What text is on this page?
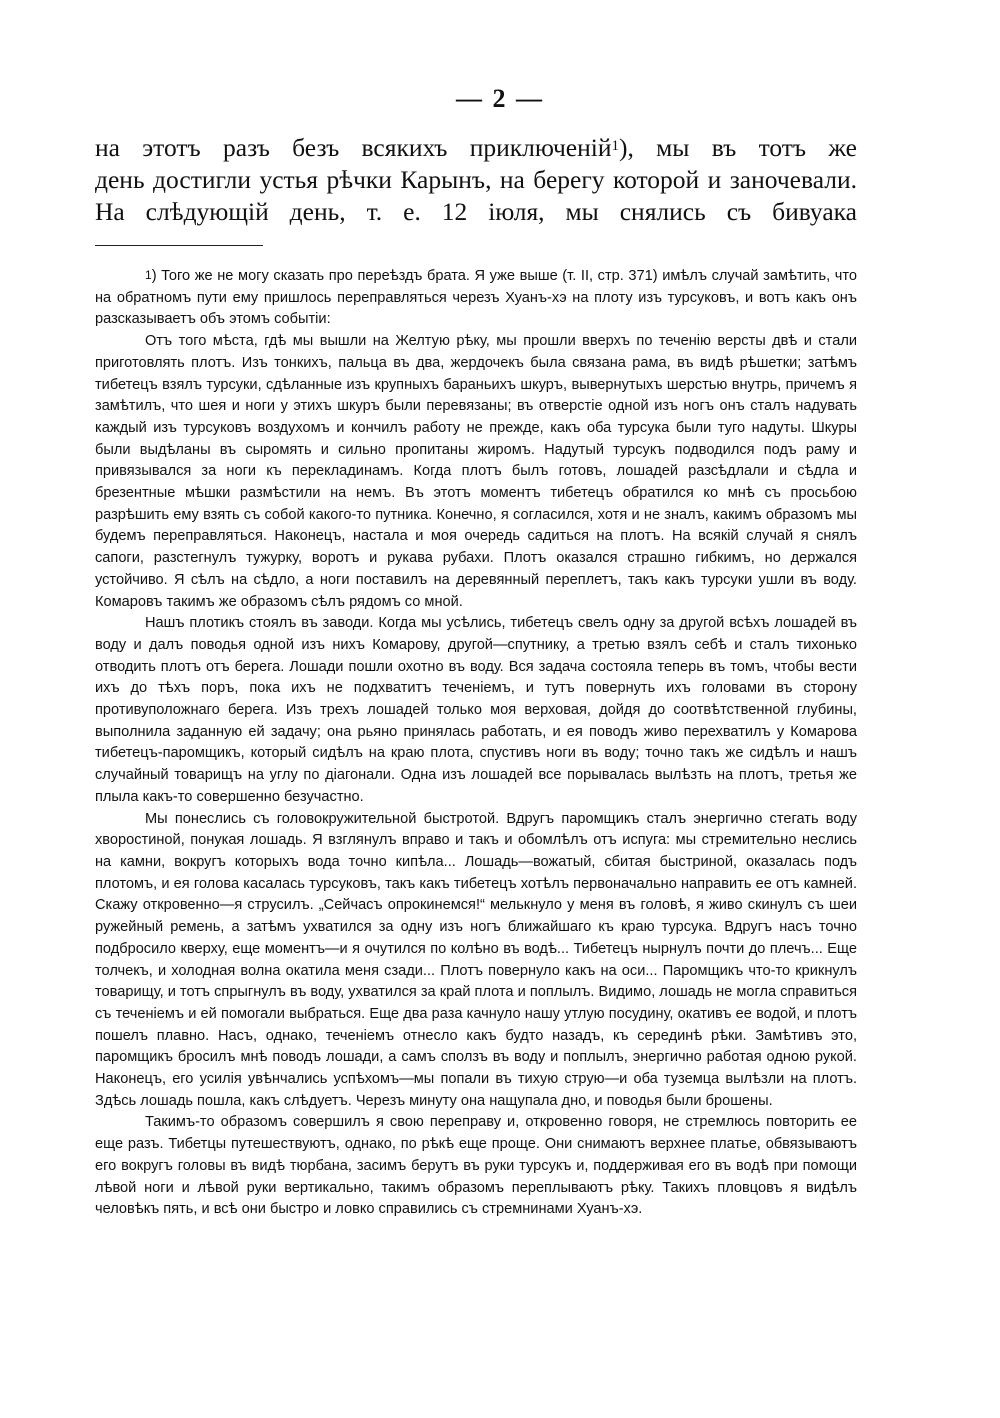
— 2 —
на этотъ разъ безъ всякихъ приключенiй$^1$), мы въ тотъ же
день достигли устья рѣчки Карынъ, на берегу которой и заночевали.
На слѣдующiй день, т. е. 12 iюля, мы снялись съ бивуака

$^1$) Того же не могу сказать про переѣздъ брата. Я уже выше (т. II, стр. 371) имѣлъ случай замѣтить, что на обратномъ пути ему пришлось переправляться черезъ Хуанъ-хэ на плоту изъ турсуковъ, и вотъ какъ онъ разсказываетъ объ этомъ событiи:

Отъ того мѣста, гдѣ мы вышли на Желтую рѣку, мы прошли вверхъ по теченiю версты двѣ и стали приготовлять плотъ. Изъ тонкихъ, пальца въ два, жердочекъ была связана рама, въ видѣ рѣшетки; затѣмъ тибетецъ взялъ турсуки, сдѣланные изъ крупныхъ бараньихъ шкуръ, вывернутыхъ шерстью внутрь, причемъ я замѣтилъ, что шея и ноги у этихъ шкуръ были перевязаны; въ отверстiе одной изъ ногъ онъ сталъ надувать каждый изъ турсуковъ воздухомъ и кончилъ работу не прежде, какъ оба турсука были туго надуты. Шкуры были выдѣланы въ сыромять и сильно пропитаны жиромъ. Надутый турсукъ подводился подъ раму и привязывался за ноги къ перекладинамъ. Когда плотъ былъ готовъ, лошадей разсѣдлали и сѣдла и брезентные мѣшки размѣстили на немъ. Въ этотъ моментъ тибетецъ обратился ко мнѣ съ просьбою разрѣшить ему взять съ собой какого-то путника. Конечно, я согласился, хотя и не зналъ, какимъ образомъ мы будемъ переправляться. Наконецъ, настала и моя очередь садиться на плотъ. На всякiй случай я снялъ сапоги, разстегнулъ тужурку, воротъ и рукава рубахи. Плотъ оказался страшно гибкимъ, но держался устойчиво. Я сѣлъ на сѣдло, а ноги поставилъ на деревянный переплетъ, такъ какъ турсуки ушли въ воду. Комаровъ такимъ же образомъ сѣлъ рядомъ со мной.

Нашъ плотикъ стоялъ въ заводи. Когда мы усѣлись, тибетецъ свелъ одну за другой всѣхъ лошадей въ воду и далъ поводья одной изъ нихъ Комарову, другой—спутнику, а третью взялъ себѣ и сталъ тихонько отводить плотъ отъ берега. Лошади пошли охотно въ воду. Вся задача состояла теперь въ томъ, чтобы вести ихъ до тѣхъ поръ, пока ихъ не подхватитъ теченiемъ, и тутъ повернуть ихъ головами въ сторону противуположнаго берега. Изъ трехъ лошадей только моя верховая, дойдя до соотвѣтственной глубины, выполнила заданную ей задачу; она рьяно принялась работать, и ея поводъ живо перехватилъ у Комарова тибетецъ-паромщикъ, который сидѣлъ на краю плота, спустивъ ноги въ воду; точно такъ же сидѣлъ и нашъ случайный товарищъ на углу по дiагонали. Одна изъ лошадей все порывалась вылѣзть на плотъ, третья же плыла какъ-то совершенно безучастно.

Мы понеслись съ головокружительной быстротой. Вдругъ паромщикъ сталъ энергично стегать воду хворостиной, понукая лошадь. Я взглянулъ вправо и такъ и обомлѣлъ отъ испуга: мы стремительно неслись на камни, вокругъ которыхъ вода точно кипѣла... Лошадь—вожатый, сбитая быстриной, оказалась подъ плотомъ, и ея голова касалась турсуковъ, такъ какъ тибетецъ хотѣлъ первоначально направить ее отъ камней. Скажу откровенно—я струсилъ. „Сейчасъ опрокинемся!“ мелькнуло у меня въ головѣ, я живо скинулъ съ шеи ружейный ремень, а затѣмъ ухватился за одну изъ ногъ ближайшаго къ краю турсука. Вдругъ насъ точно подбросило кверху, еще моментъ—и я очутился по колѣно въ водѣ... Тибетецъ нырнулъ почти до плечъ... Еще толчекъ, и холодная волна окатила меня сзади... Плотъ повернуло какъ на оси... Паромщикъ что-то крикнулъ товарищу, и тотъ спрыгнулъ въ воду, ухватился за край плота и поплылъ. Видимо, лошадь не могла справиться съ теченiемъ и ей помогали выбраться. Еще два раза качнуло нашу утлую посудину, окативъ ее водой, и плотъ пошелъ плавно. Насъ, однако, теченiемъ отнесло какъ будто назадъ, къ серединѣ рѣки. Замѣтивъ это, паромщикъ бросилъ мнѣ поводъ лошади, а самъ сползъ въ воду и поплылъ, энергично работая одною рукой. Наконецъ, его усилiя увѣнчались успѣхомъ—мы попали въ тихую струю—и оба туземца вылѣзли на плотъ. Здѣсь лошадь пошла, какъ слѣдуетъ. Черезъ минуту она нащупала дно, и поводья были брошены.

Такимъ-то образомъ совершилъ я свою переправу и, откровенно говоря, не стремлюсь повторить ее еще разъ. Тибетцы путешествуютъ, однако, по рѣкѣ еще проще. Они снимаютъ верхнее платье, обвязываютъ его вокругъ головы въ видѣ тюрбана, засимъ берутъ въ руки турсукъ и, поддерживая его въ водѣ при помощи лѣвой ноги и лѣвой руки вертикально, такимъ образомъ переплываютъ рѣку. Такихъ пловцовъ я видѣлъ человѣкъ пять, и всѣ они быстро и ловко справились съ стремнинами Хуанъ-хэ.
